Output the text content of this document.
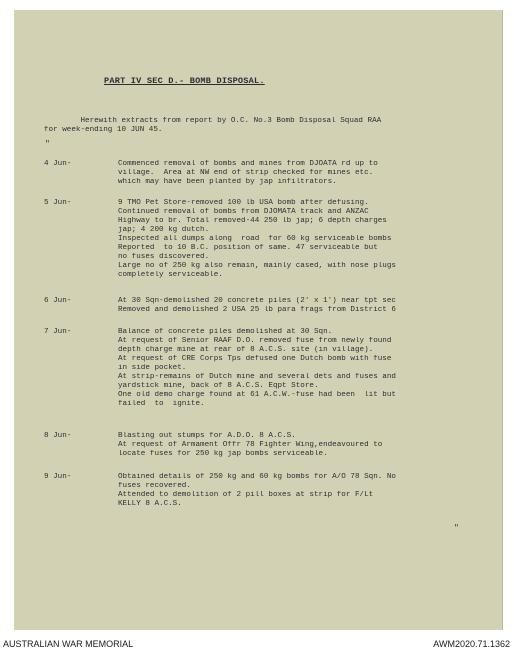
PART IV SEC D.- BOMB DISPOSAL.
Herewith extracts from report by O.C. No.3 Bomb Disposal Squad RAA
for week-ending 10 JUN 45.
"
4 Jun-	Commenced removal of bombs and mines from DJOATA rd up to
village.  Area at NW end of strip checked for mines etc.
which may have been planted by jap infiltrators.
5 Jun-	9 TMO Pet Store-removed 100 lb USA bomb after defusing.
Continued removal of bombs from DJOMATA track and ANZAC
Highway to br. Total removed-44 250 lb jap; 6 depth charges
jap; 4 200 kg dutch.
Inspected all dumps along  road  for 60 kg serviceable bombs
Reported  to 10 B.C. position of same. 47 serviceable but
no fuses discovered.
Large no of 250 kg also remain, mainly cased, with nose plugs
completely serviceable.
6 Jun-	At 30 Sqn-demolished 20 concrete piles (2' x 1') near tpt sec
Removed and demolished 2 USA 25 lb para frags from District 6
7 Jun-	Balance of concrete piles demolished at 30 Sqn.
At request of Senior RAAF D.O. removed fuse from newly found
depth charge mine at rear of 8 A.C.S. site (in village).
At request of CRE Corps Tps defused one Dutch bomb with fuse
in side pocket.
At strip-remains of Dutch mine and several dets and fuses and
yardstick mine, back of 8 A.C.S. Eqpt Store.
One old demo charge found at 61 A.C.W.-fuse had been  lit but
failed  to  ignite.
8 Jun-	Blasting out stumps for A.D.O. 8 A.C.S.
At request of Armament Offr 78 Fighter Wing,endeavoured to
locate fuses for 250 kg jap bombs serviceable.
9 Jun-	Obtained details of 250 kg and 60 kg bombs for A/O 78 Sqn. No
fuses recovered.
Attended to demolition of 2 pill boxes at strip for F/Lt
KELLY 8 A.C.S.
"
AUSTRALIAN WAR MEMORIAL	AWM2020.71.1362
